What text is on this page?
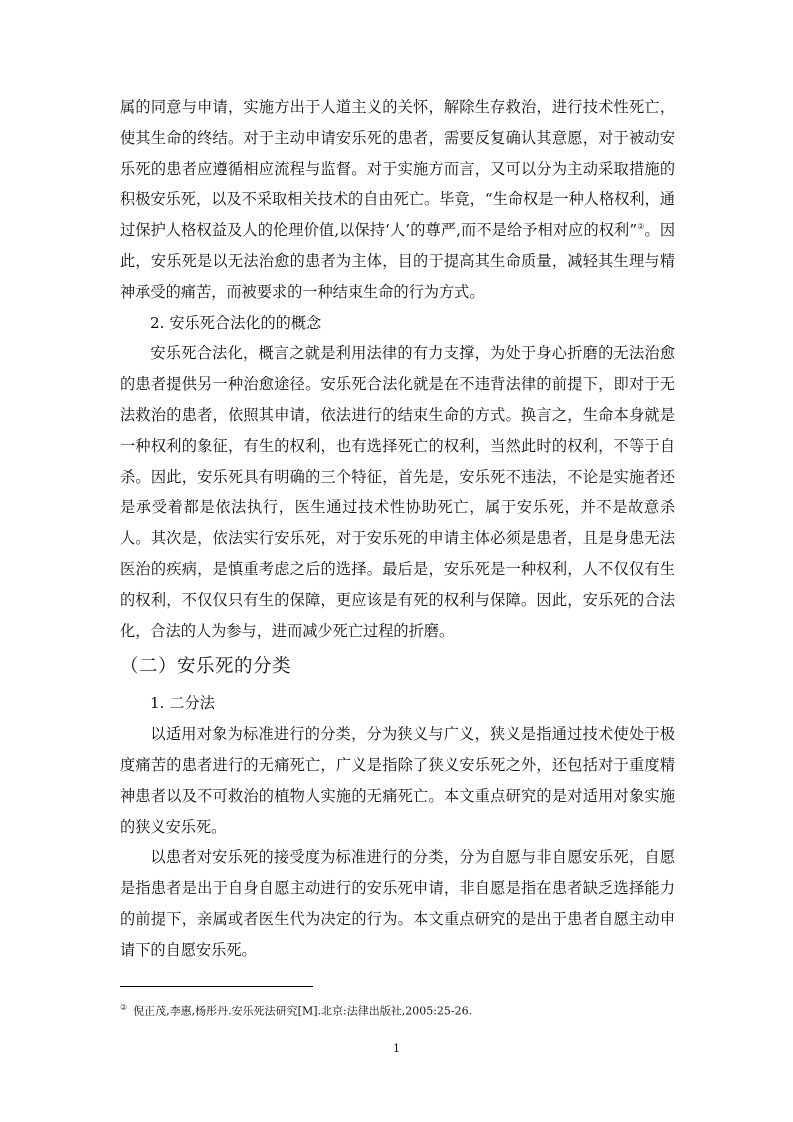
属的同意与申请，实施方出于人道主义的关怀，解除生存救治，进行技术性死亡，使其生命的终结。对于主动申请安乐死的患者，需要反复确认其意愿，对于被动安乐死的患者应遵循相应流程与监督。对于实施方而言，又可以分为主动采取措施的积极安乐死，以及不采取相关技术的自由死亡。毕竟，“生命权是一种人格权利，通过保护人格权益及人的伦理价值,以保持‘人’的尊严,而不是给予相对应的权利”②。因此，安乐死是以无法治愈的患者为主体，目的于提高其生命质量，减轻其生理与精神承受的痛苦，而被要求的一种结束生命的行为方式。

2. 安乐死合法化的的概念

安乐死合法化，概言之就是利用法律的有力支撑，为处于身心折磨的无法治愈的患者提供另一种治愈途径。安乐死合法化就是在不违背法律的前提下，即对于无法救治的患者，依照其申请，依法进行的结束生命的方式。换言之，生命本身就是一种权利的象征，有生的权利，也有选择死亡的权利，当然此时的权利，不等于自杀。因此，安乐死具有明确的三个特征，首先是，安乐死不违法，不论是实施者还是承受着都是依法执行，医生通过技术性协助死亡，属于安乐死，并不是故意杀人。其次是，依法实行安乐死，对于安乐死的申请主体必须是患者，且是身患无法医治的疾病，是慎重考虑之后的选择。最后是，安乐死是一种权利，人不仅仅有生的权利，不仅仅只有生的保障，更应该是有死的权利与保障。因此，安乐死的合法化，合法的人为参与，进而减少死亡过程的折磨。

（二）安乐死的分类

1. 二分法

以适用对象为标准进行的分类，分为狭义与广义，狭义是指通过技术使处于极度痛苦的患者进行的无痛死亡，广义是指除了狭义安乐死之外，还包括对于重度精神患者以及不可救治的植物人实施的无痛死亡。本文重点研究的是对适用对象实施的狭义安乐死。

以患者对安乐死的接受度为标准进行的分类，分为自愿与非自愿安乐死，自愿是指患者是出于自身自愿主动进行的安乐死申请，非自愿是指在患者缺乏选择能力的前提下，亲属或者医生代为决定的行为。本文重点研究的是出于患者自愿主动申请下的自愿安乐死。

② 倪正茂,李惠,杨彤丹.安乐死法研究[M].北京:法律出版社,2005:25-26.
1
